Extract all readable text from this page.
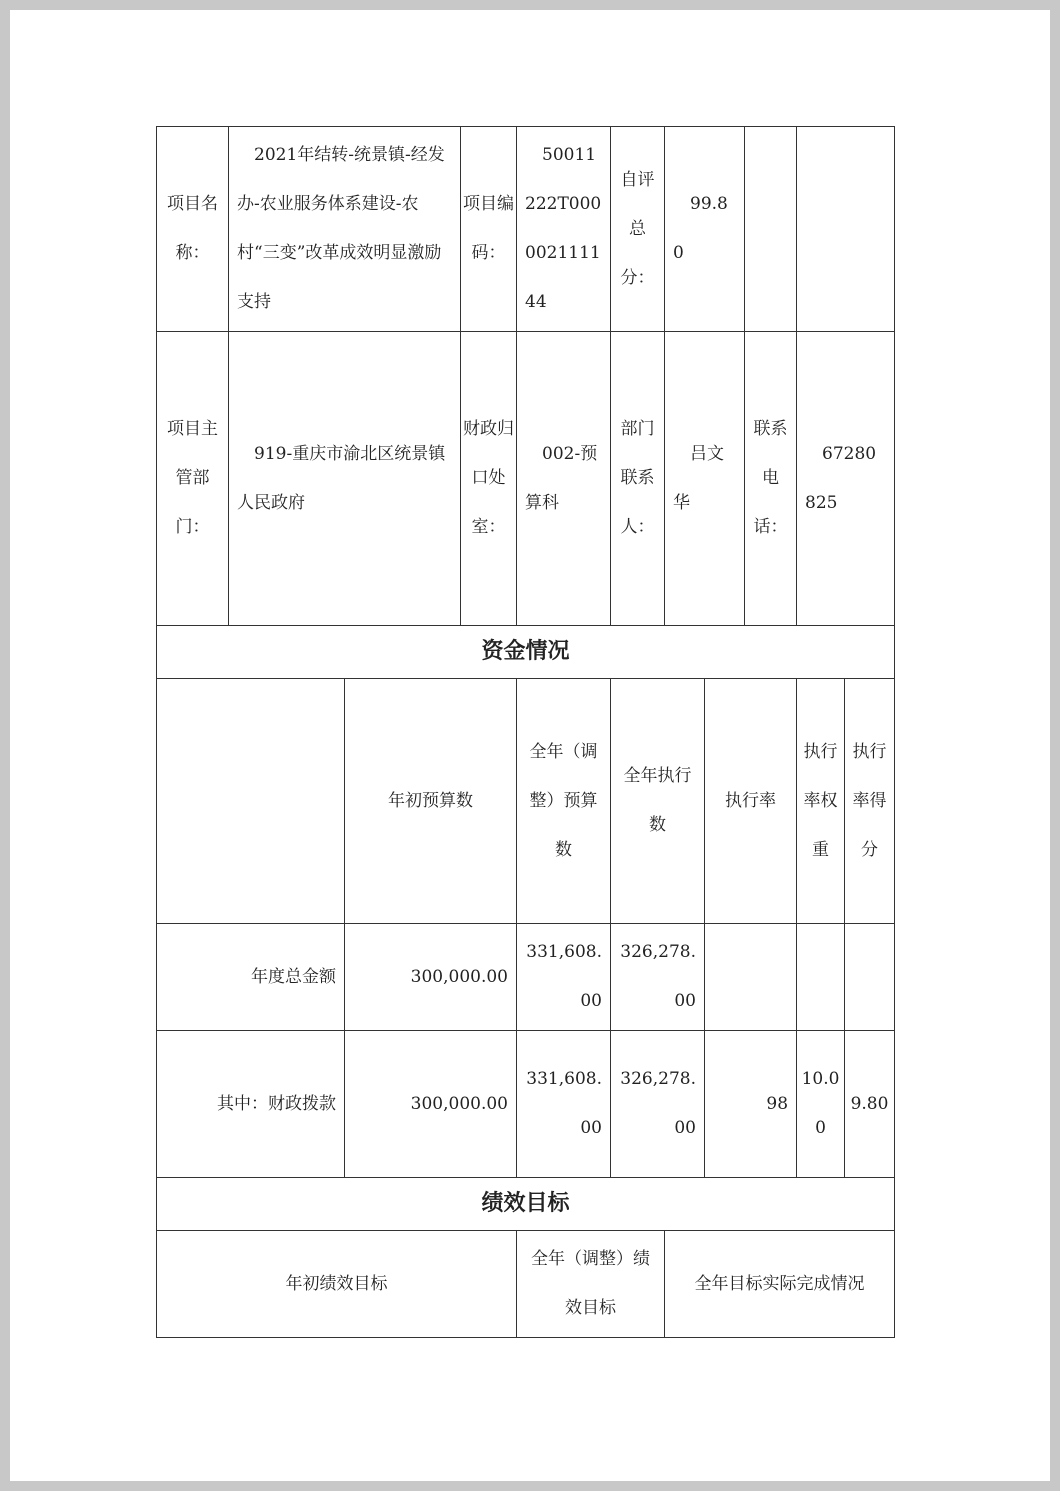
项目名称：	2021年结转-统景镇-经发办-农业服务体系建设-农村“三变”改革成效明显激励支持		项目编码：	50011222T000002111144	自评总分：	99.80				
项目主管部门：	919-重庆市渝北区统景镇人民政府		财政归口处室：	002-预算科	部门联系人：	吕文华		联系电话：	67280825	
资金情况										
		年初预算数		全年（调整）预算数	全年执行数		执行率		执行率权重	执行率得分
年度总金额		300,000.00		331,608.00	326,278.00					
其中：财政拨款		300,000.00		331,608.00	326,278.00		98		10.00	9.80
绩效目标										
年初绩效目标				全年（调整）绩效目标		全年目标实际完成情况				
